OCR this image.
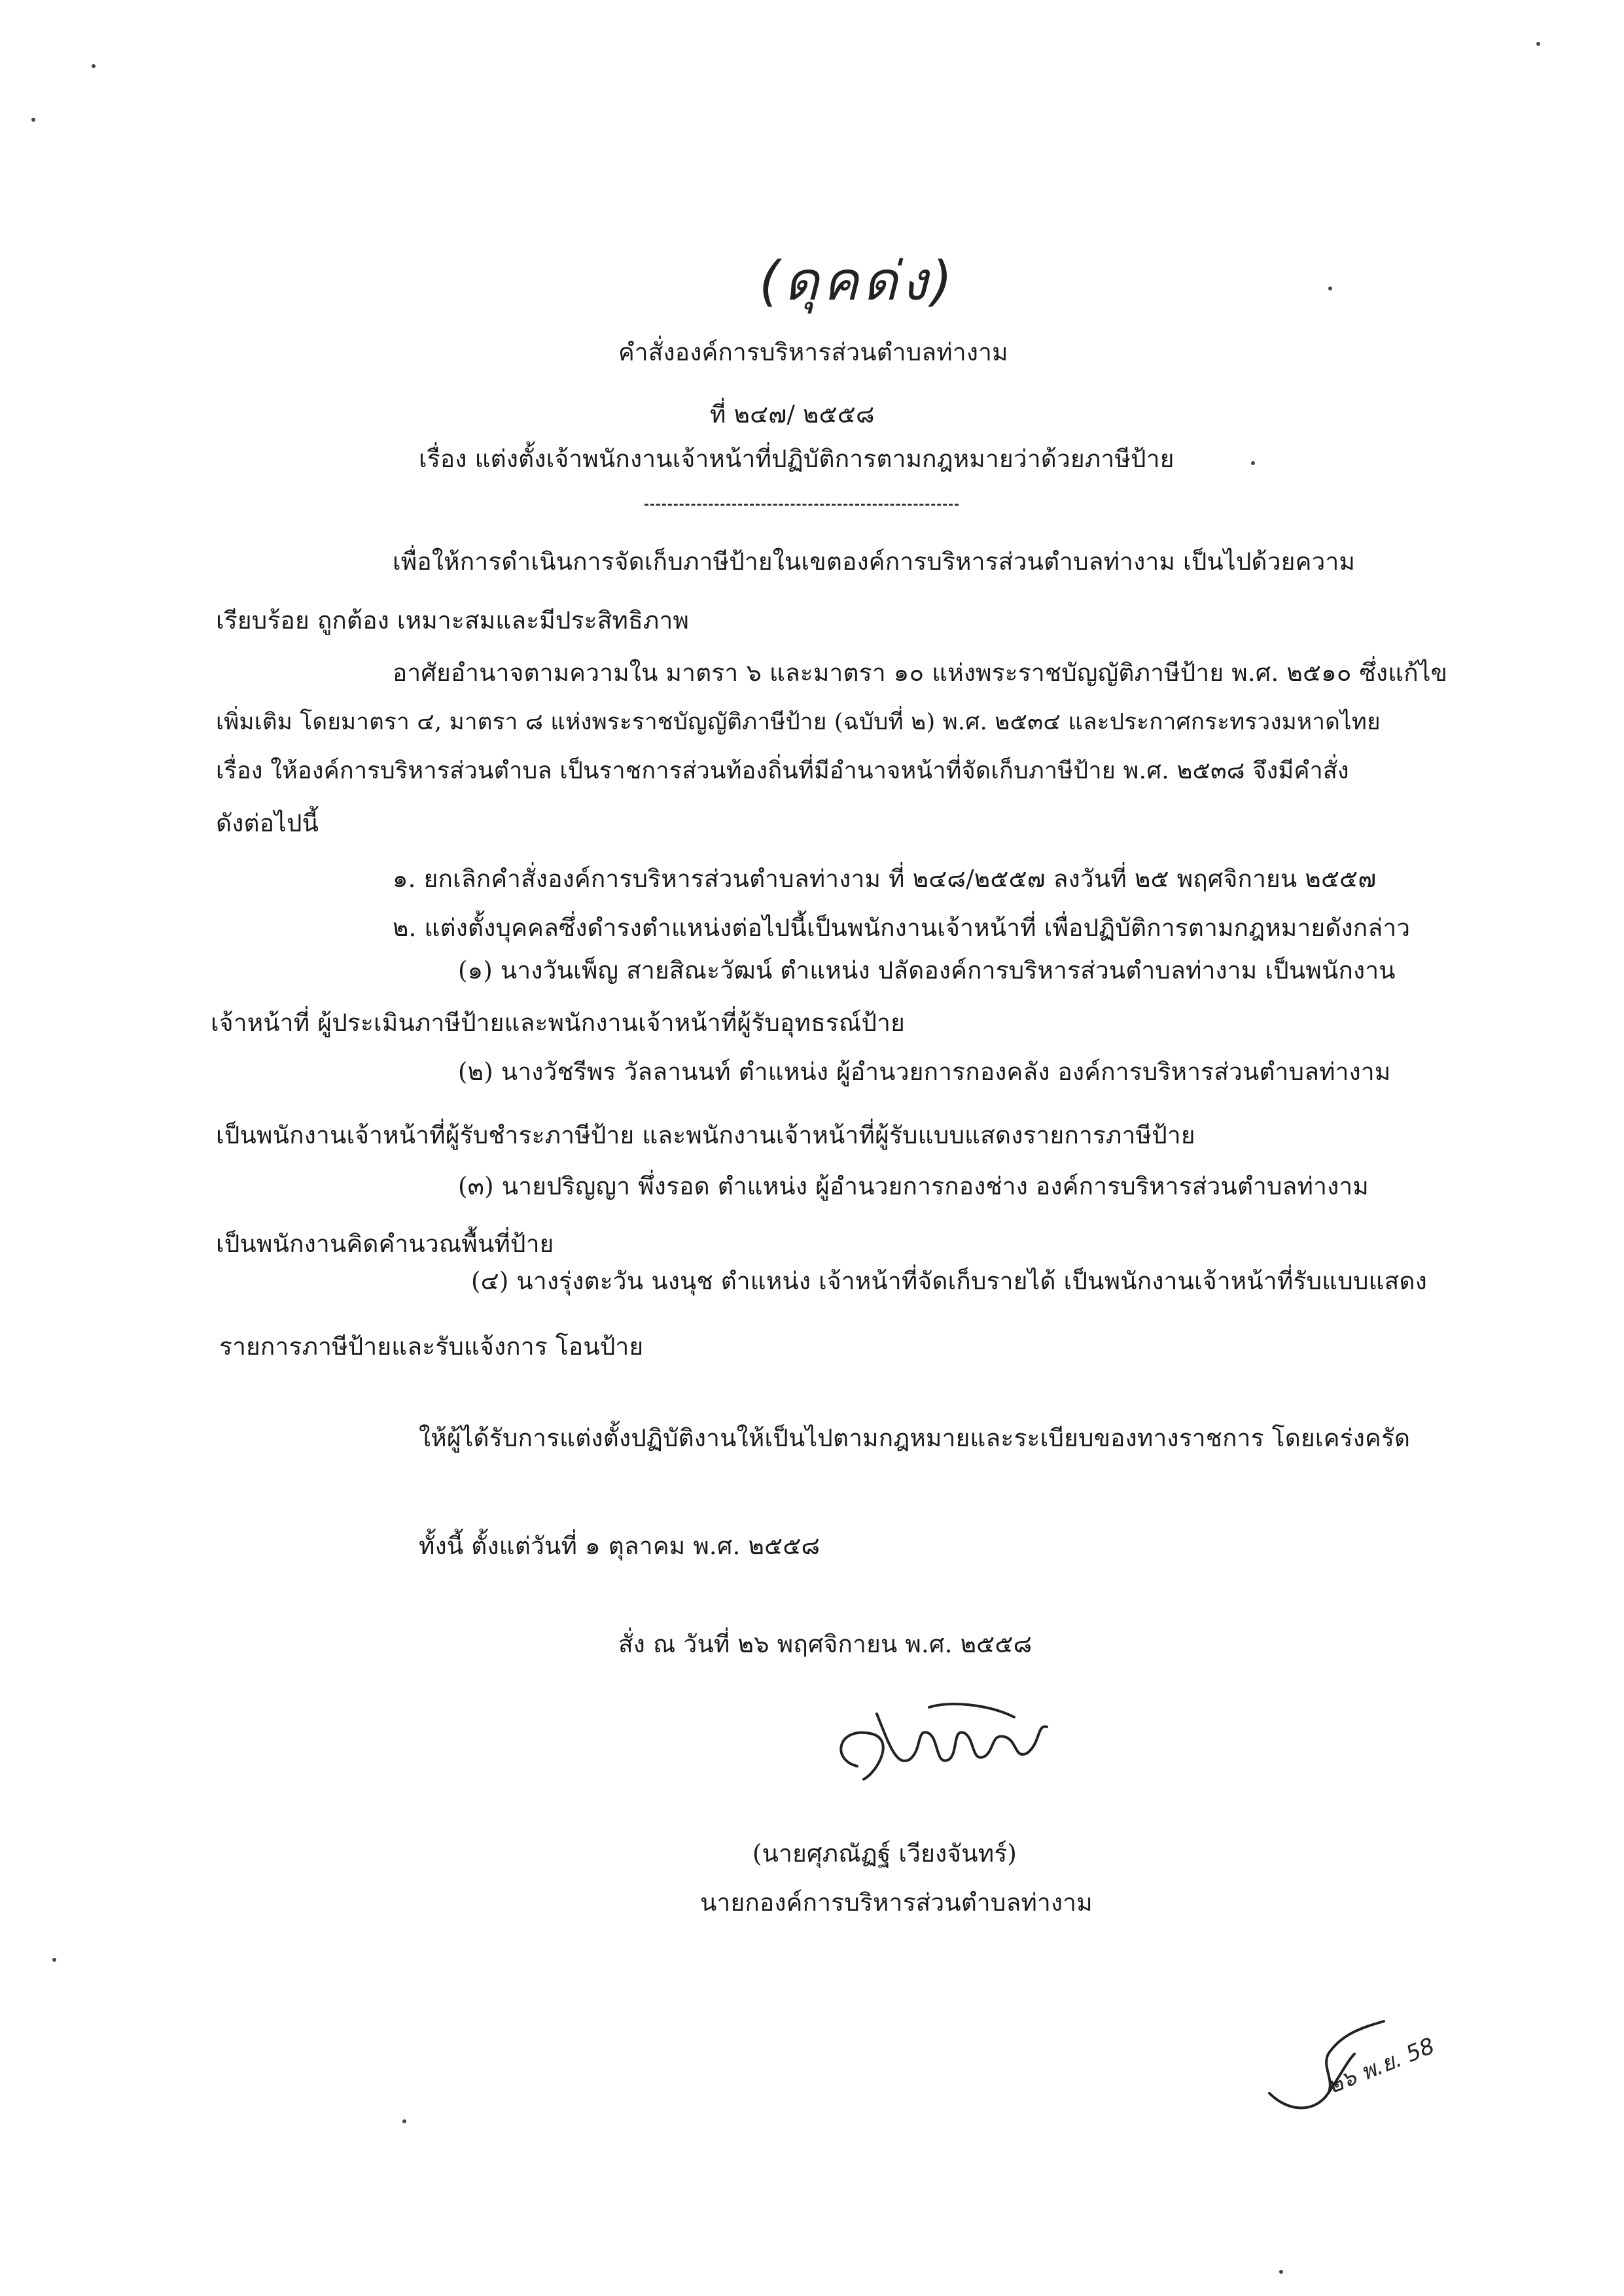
(ดุคด่ง)
คำสั่งองค์การบริหารส่วนตำบลท่างาม
ที่ ๒๔๗/ ๒๕๕๘
เรื่อง แต่งตั้งเจ้าพนักงานเจ้าหน้าที่ปฏิบัติการตามกฎหมายว่าด้วยภาษีป้าย
เพื่อให้การดำเนินการจัดเก็บภาษีป้ายในเขตองค์การบริหารส่วนตำบลท่างาม เป็นไปด้วยความ
เรียบร้อย ถูกต้อง เหมาะสมและมีประสิทธิภาพ
อาศัยอำนาจตามความใน มาตรา ๖ และมาตรา ๑๐ แห่งพระราชบัญญัติภาษีป้าย พ.ศ. ๒๕๑๐ ซึ่งแก้ไข
เพิ่มเติม โดยมาตรา ๔, มาตรา ๘ แห่งพระราชบัญญัติภาษีป้าย (ฉบับที่ ๒) พ.ศ. ๒๕๓๔ และประกาศกระทรวงมหาดไทย
เรื่อง ให้องค์การบริหารส่วนตำบล เป็นราชการส่วนท้องถิ่นที่มีอำนาจหน้าที่จัดเก็บภาษีป้าย พ.ศ. ๒๕๓๘ จึงมีคำสั่ง
ดังต่อไปนี้
๑. ยกเลิกคำสั่งองค์การบริหารส่วนตำบลท่างาม ที่ ๒๔๘/๒๕๕๗ ลงวันที่ ๒๕ พฤศจิกายน ๒๕๕๗
๒. แต่งตั้งบุคคลซึ่งดำรงตำแหน่งต่อไปนี้เป็นพนักงานเจ้าหน้าที่ เพื่อปฏิบัติการตามกฎหมายดังกล่าว
(๑) นางวันเพ็ญ สายสิณะวัฒน์ ตำแหน่ง ปลัดองค์การบริหารส่วนตำบลท่างาม เป็นพนักงาน
เจ้าหน้าที่ ผู้ประเมินภาษีป้ายและพนักงานเจ้าหน้าที่ผู้รับอุทธรณ์ป้าย
(๒) นางวัชรีพร วัลลานนท์ ตำแหน่ง ผู้อำนวยการกองคลัง องค์การบริหารส่วนตำบลท่างาม
เป็นพนักงานเจ้าหน้าที่ผู้รับชำระภาษีป้าย และพนักงานเจ้าหน้าที่ผู้รับแบบแสดงรายการภาษีป้าย
(๓) นายปริญญา พึ่งรอด ตำแหน่ง ผู้อำนวยการกองช่าง องค์การบริหารส่วนตำบลท่างาม
เป็นพนักงานคิดคำนวณพื้นที่ป้าย
(๔) นางรุ่งตะวัน นงนุช ตำแหน่ง เจ้าหน้าที่จัดเก็บรายได้ เป็นพนักงานเจ้าหน้าที่รับแบบแสดง
รายการภาษีป้ายและรับแจ้งการ โอนป้าย
ให้ผู้ได้รับการแต่งตั้งปฏิบัติงานให้เป็นไปตามกฎหมายและระเบียบของทางราชการ โดยเคร่งครัด
ทั้งนี้ ตั้งแต่วันที่ ๑ ตุลาคม พ.ศ. ๒๕๕๘
สั่ง ณ วันที่ ๒๖ พฤศจิกายน พ.ศ. ๒๕๕๘
(นายศุภณัฏฐ์ เวียงจันทร์)
นายกองค์การบริหารส่วนตำบลท่างาม
๒๖ พ.ย. 58
